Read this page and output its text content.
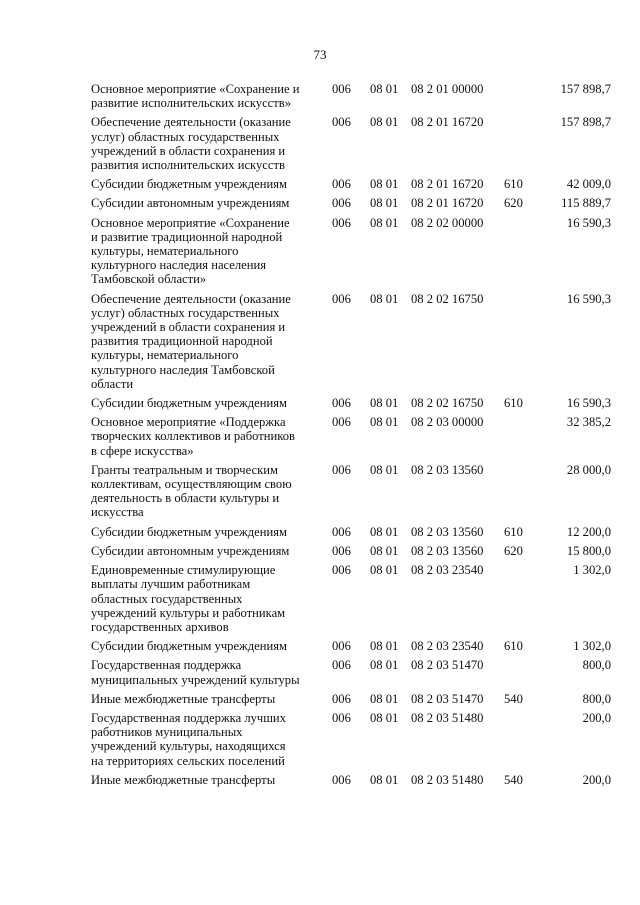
73
Основное мероприятие «Сохранение и
развитие исполнительских искусств»
006 08 01 08 2 01 00000	157 898,7
Обеспечение деятельности (оказание
услуг) областных государственных
учреждений в области сохранения и
развития исполнительских искусств
006 08 01 08 2 01 16720	157 898,7
Субсидии бюджетным учреждениям	006 08 01 08 2 01 16720 610	42 009,0
Субсидии автономным учреждениям	006 08 01 08 2 01 16720 620	115 889,7
Основное мероприятие «Сохранение
и развитие традиционной народной
культуры, нематериального
культурного наследия населения
Тамбовской области»
006 08 01 08 2 02 00000	16 590,3
Обеспечение деятельности (оказание
услуг) областных государственных
учреждений в области сохранения и
развития традиционной народной
культуры, нематериального
культурного наследия Тамбовской
области
006 08 01 08 2 02 16750	16 590,3
Субсидии бюджетным учреждениям	006 08 01 08 2 02 16750 610	16 590,3
Основное мероприятие «Поддержка
творческих коллективов и работников
в сфере искусства»
006 08 01 08 2 03 00000	32 385,2
Гранты театральным и творческим
коллективам, осуществляющим свою
деятельность в области культуры и
искусства
006 08 01 08 2 03 13560	28 000,0
Субсидии бюджетным учреждениям	006 08 01 08 2 03 13560 610	12 200,0
Субсидии автономным учреждениям	006 08 01 08 2 03 13560 620	15 800,0
Единовременные стимулирующие
выплаты лучшим работникам
областных государственных
учреждений культуры и работникам
государственных архивов
006 08 01 08 2 03 23540	1 302,0
Субсидии бюджетным учреждениям	006 08 01 08 2 03 23540 610	1 302,0
Государственная поддержка
муниципальных учреждений культуры
006 08 01 08 2 03 51470	800,0
Иные межбюджетные трансферты	006 08 01 08 2 03 51470 540	800,0
Государственная поддержка лучших
работников муниципальных
учреждений культуры, находящихся
на территориях сельских поселений
006 08 01 08 2 03 51480	200,0
Иные межбюджетные трансферты	006 08 01 08 2 03 51480 540	200,0
